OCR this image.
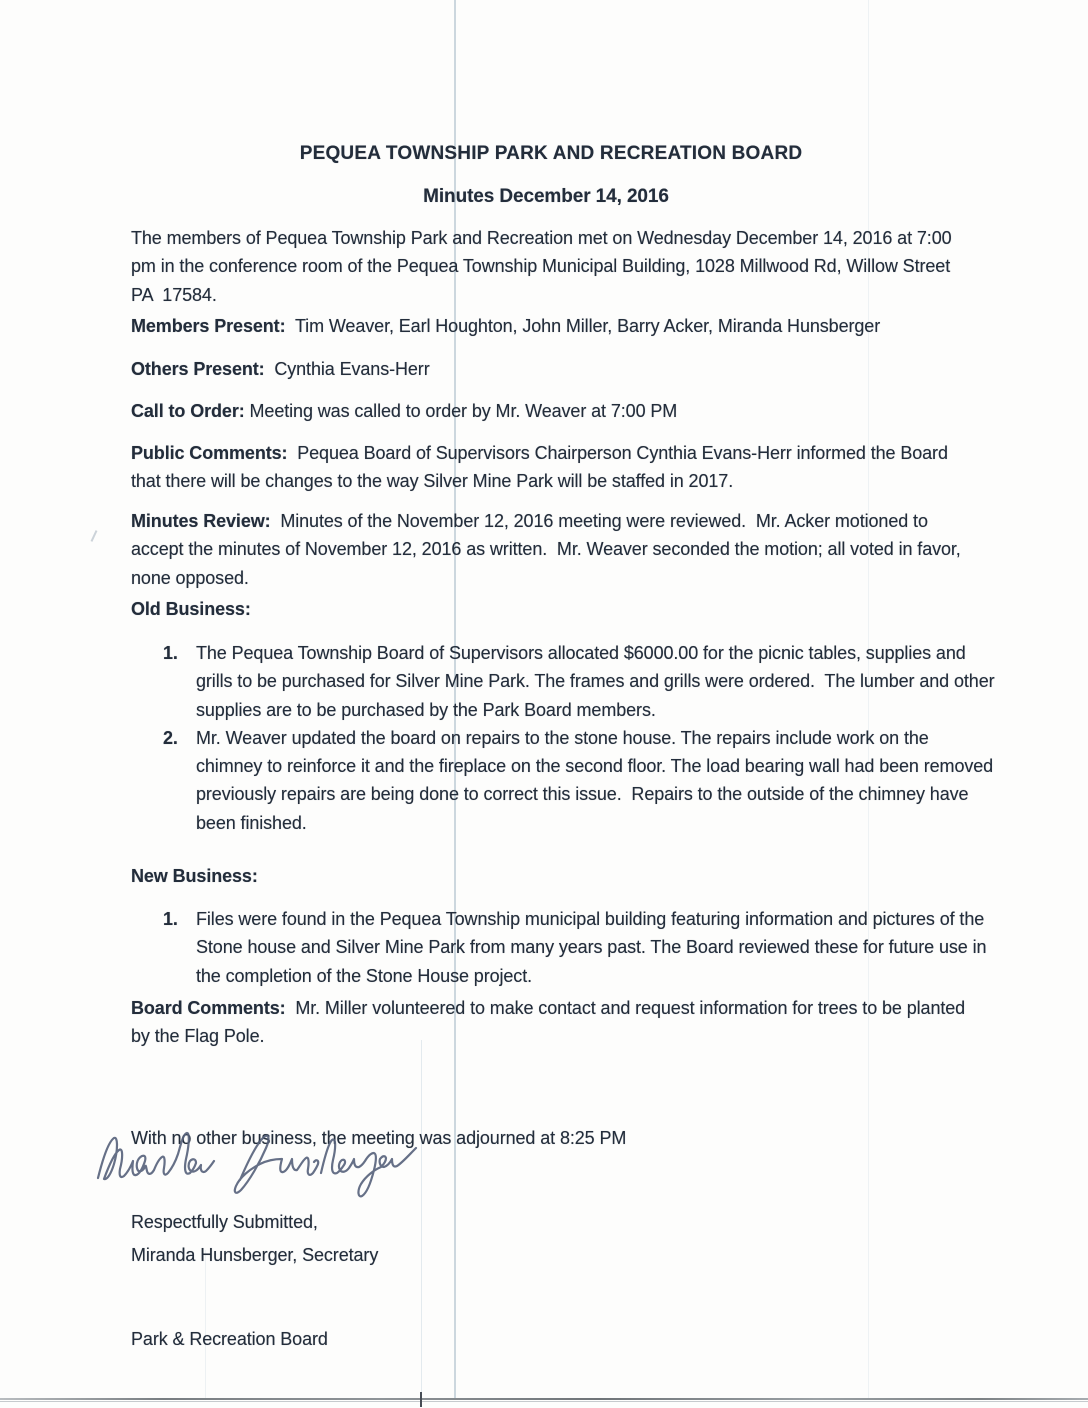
PEQUEA TOWNSHIP PARK AND RECREATION BOARD

Minutes December 14, 2016

The members of Pequea Township Park and Recreation met on Wednesday December 14, 2016 at 7:00 pm in the conference room of the Pequea Township Municipal Building, 1028 Millwood Rd, Willow Street PA  17584.

Members Present:  Tim Weaver, Earl Houghton, John Miller, Barry Acker, Miranda Hunsberger

Others Present:  Cynthia Evans-Herr

Call to Order: Meeting was called to order by Mr. Weaver at 7:00 PM

Public Comments:  Pequea Board of Supervisors Chairperson Cynthia Evans-Herr informed the Board that there will be changes to the way Silver Mine Park will be staffed in 2017.

Minutes Review:  Minutes of the November 12, 2016 meeting were reviewed.  Mr. Acker motioned to accept the minutes of November 12, 2016 as written.  Mr. Weaver seconded the motion; all voted in favor, none opposed.

Old Business:

1.	The Pequea Township Board of Supervisors allocated $6000.00 for the picnic tables, supplies and grills to be purchased for Silver Mine Park. The frames and grills were ordered.  The lumber and other supplies are to be purchased by the Park Board members.
2.	Mr. Weaver updated the board on repairs to the stone house. The repairs include work on the chimney to reinforce it and the fireplace on the second floor. The load bearing wall had been removed previously repairs are being done to correct this issue.  Repairs to the outside of the chimney have been finished.

New Business:

1.	Files were found in the Pequea Township municipal building featuring information and pictures of the Stone house and Silver Mine Park from many years past. The Board reviewed these for future use in the completion of the Stone House project.

Board Comments:  Mr. Miller volunteered to make contact and request information for trees to be planted by the Flag Pole.

With no other business, the meeting was adjourned at 8:25 PM

Respectfully Submitted,

Miranda Hunsberger, Secretary

Park & Recreation Board
